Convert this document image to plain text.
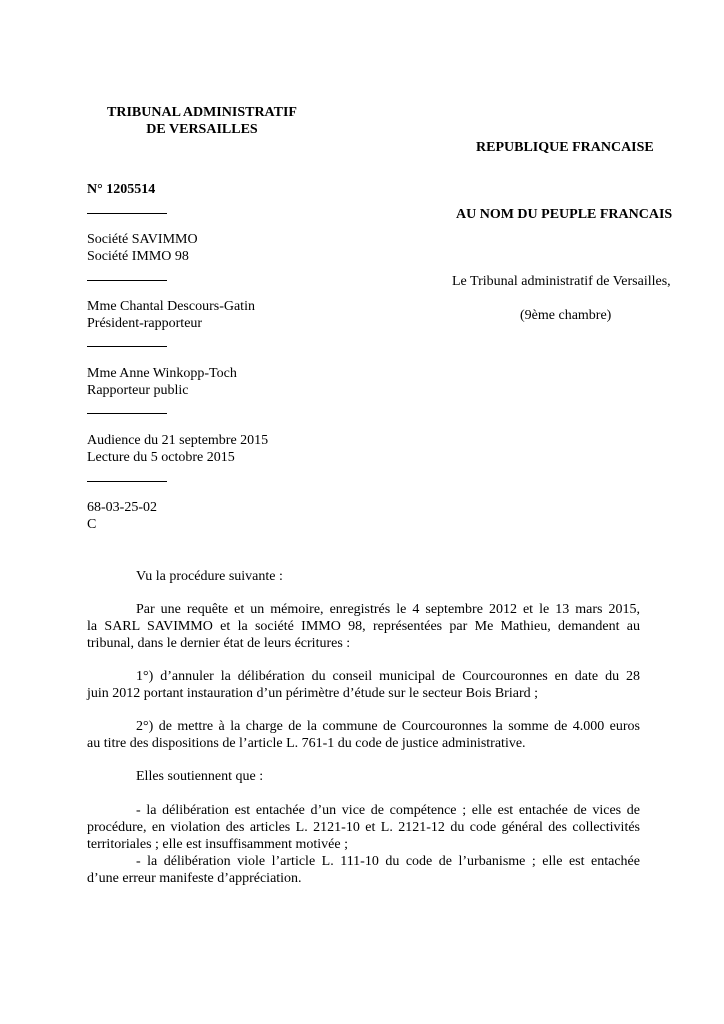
TRIBUNAL ADMINISTRATIF
DE VERSAILLES
REPUBLIQUE FRANCAISE
N° 1205514
AU NOM DU PEUPLE FRANCAIS
Société SAVIMMO
Société IMMO 98
Le Tribunal administratif de Versailles,
(9ème chambre)
Mme Chantal Descours-Gatin
Président-rapporteur
Mme Anne Winkopp-Toch
Rapporteur public
Audience du 21 septembre 2015
Lecture du 5 octobre 2015
68-03-25-02
C
Vu la procédure suivante :
Par une requête et un mémoire, enregistrés le 4 septembre 2012 et le 13 mars 2015,
la SARL SAVIMMO et la société IMMO 98, représentées par Me Mathieu, demandent au
tribunal, dans le dernier état de leurs écritures :
1°) d’annuler la délibération du conseil municipal de Courcouronnes en date du 28
juin 2012 portant instauration d’un périmètre d’étude sur le secteur Bois Briard ;
2°) de mettre à la charge de la commune de Courcouronnes la somme de 4.000 euros
au titre des dispositions de l’article L. 761-1 du code de justice administrative.
Elles soutiennent que :
- la délibération est entachée d’un vice de compétence ; elle est entachée de vices de
procédure, en violation des articles L. 2121-10 et L. 2121-12 du code général des collectivités
territoriales ; elle est insuffisamment motivée ;
- la délibération viole l’article L. 111-10 du code de l’urbanisme ; elle est entachée
d’une erreur manifeste d’appréciation.
